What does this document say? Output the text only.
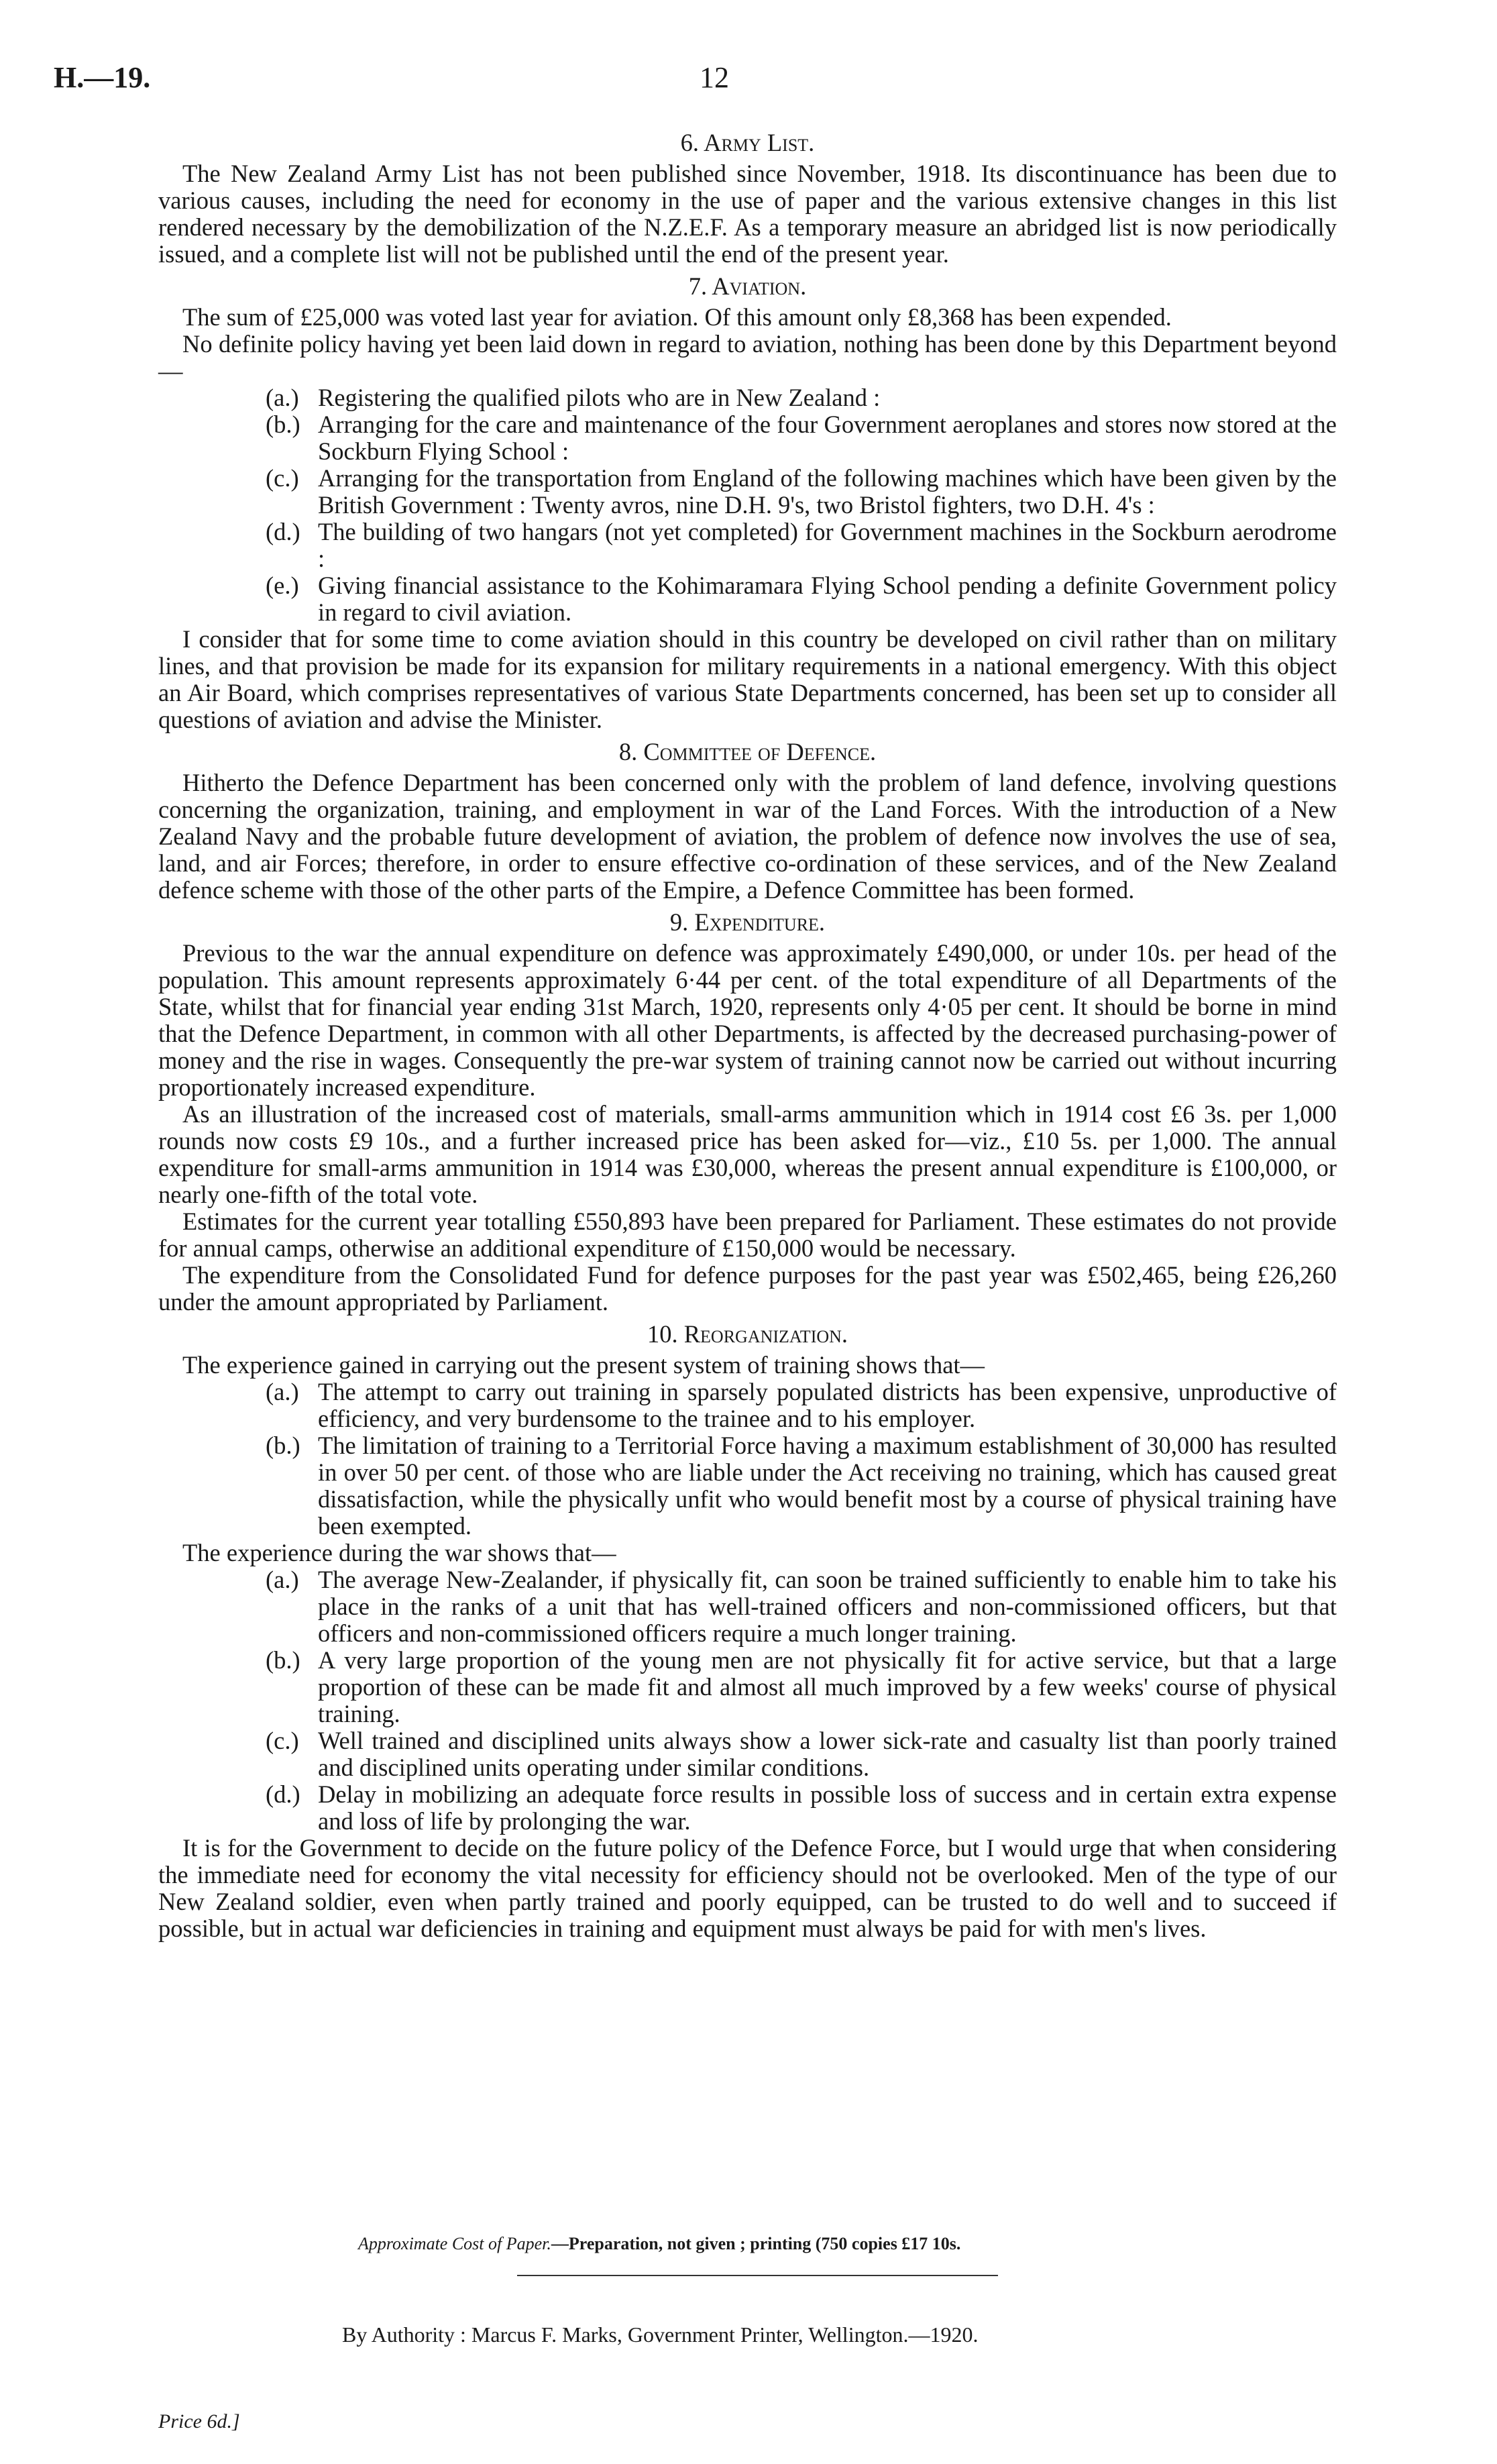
H.—19.	12
6. Army List.

The New Zealand Army List has not been published since November, 1918. Its discontinuance has been due to various causes, including the need for economy in the use of paper and the various extensive changes in this list rendered necessary by the demobilization of the N.Z.E.F. As a temporary measure an abridged list is now periodically issued, and a complete list will not be published until the end of the present year.

7. Aviation.

The sum of £25,000 was voted last year for aviation. Of this amount only £8,368 has been expended.

No definite policy having yet been laid down in regard to aviation, nothing has been done by this Department beyond—

(a.) Registering the qualified pilots who are in New Zealand :
(b.) Arranging for the care and maintenance of the four Government aeroplanes and stores now stored at the Sockburn Flying School :
(c.) Arranging for the transportation from England of the following machines which have been given by the British Government : Twenty avros, nine D.H. 9's, two Bristol fighters, two D.H. 4's :
(d.) The building of two hangars (not yet completed) for Government machines in the Sockburn aerodrome :
(e.) Giving financial assistance to the Kohimaramara Flying School pending a definite Government policy in regard to civil aviation.

I consider that for some time to come aviation should in this country be developed on civil rather than on military lines, and that provision be made for its expansion for military requirements in a national emergency. With this object an Air Board, which comprises representatives of various State Departments concerned, has been set up to consider all questions of aviation and advise the Minister.

8. Committee of Defence.

Hitherto the Defence Department has been concerned only with the problem of land defence, involving questions concerning the organization, training, and employment in war of the Land Forces. With the introduction of a New Zealand Navy and the probable future development of aviation, the problem of defence now involves the use of sea, land, and air Forces; therefore, in order to ensure effective co-ordination of these services, and of the New Zealand defence scheme with those of the other parts of the Empire, a Defence Committee has been formed.

9. Expenditure.

Previous to the war the annual expenditure on defence was approximately £490,000, or under 10s. per head of the population. This amount represents approximately 6·44 per cent. of the total expenditure of all Departments of the State, whilst that for financial year ending 31st March, 1920, represents only 4·05 per cent. It should be borne in mind that the Defence Department, in common with all other Departments, is affected by the decreased purchasing-power of money and the rise in wages. Consequently the pre-war system of training cannot now be carried out without incurring proportionately increased expenditure.

As an illustration of the increased cost of materials, small-arms ammunition which in 1914 cost £6 3s. per 1,000 rounds now costs £9 10s., and a further increased price has been asked for—viz., £10 5s. per 1,000. The annual expenditure for small-arms ammunition in 1914 was £30,000, whereas the present annual expenditure is £100,000, or nearly one-fifth of the total vote.

Estimates for the current year totalling £550,893 have been prepared for Parliament. These estimates do not provide for annual camps, otherwise an additional expenditure of £150,000 would be necessary.

The expenditure from the Consolidated Fund for defence purposes for the past year was £502,465, being £26,260 under the amount appropriated by Parliament.

10. Reorganization.

The experience gained in carrying out the present system of training shows that—

(a.) The attempt to carry out training in sparsely populated districts has been expensive, unproductive of efficiency, and very burdensome to the trainee and to his employer.
(b.) The limitation of training to a Territorial Force having a maximum establishment of 30,000 has resulted in over 50 per cent. of those who are liable under the Act receiving no training, which has caused great dissatisfaction, while the physically unfit who would benefit most by a course of physical training have been exempted.

The experience during the war shows that—

(a.) The average New-Zealander, if physically fit, can soon be trained sufficiently to enable him to take his place in the ranks of a unit that has well-trained officers and non-commissioned officers, but that officers and non-commissioned officers require a much longer training.
(b.) A very large proportion of the young men are not physically fit for active service, but that a large proportion of these can be made fit and almost all much improved by a few weeks' course of physical training.
(c.) Well trained and disciplined units always show a lower sick-rate and casualty list than poorly trained and disciplined units operating under similar conditions.
(d.) Delay in mobilizing an adequate force results in possible loss of success and in certain extra expense and loss of life by prolonging the war.

It is for the Government to decide on the future policy of the Defence Force, but I would urge that when considering the immediate need for economy the vital necessity for efficiency should not be overlooked. Men of the type of our New Zealand soldier, even when partly trained and poorly equipped, can be trusted to do well and to succeed if possible, but in actual war deficiencies in training and equipment must always be paid for with men's lives.

Approximate Cost of Paper.—Preparation, not given ; printing (750 copies £17 10s.
By Authority : Marcus F. Marks, Government Printer, Wellington.—1920.
Price 6d.]
